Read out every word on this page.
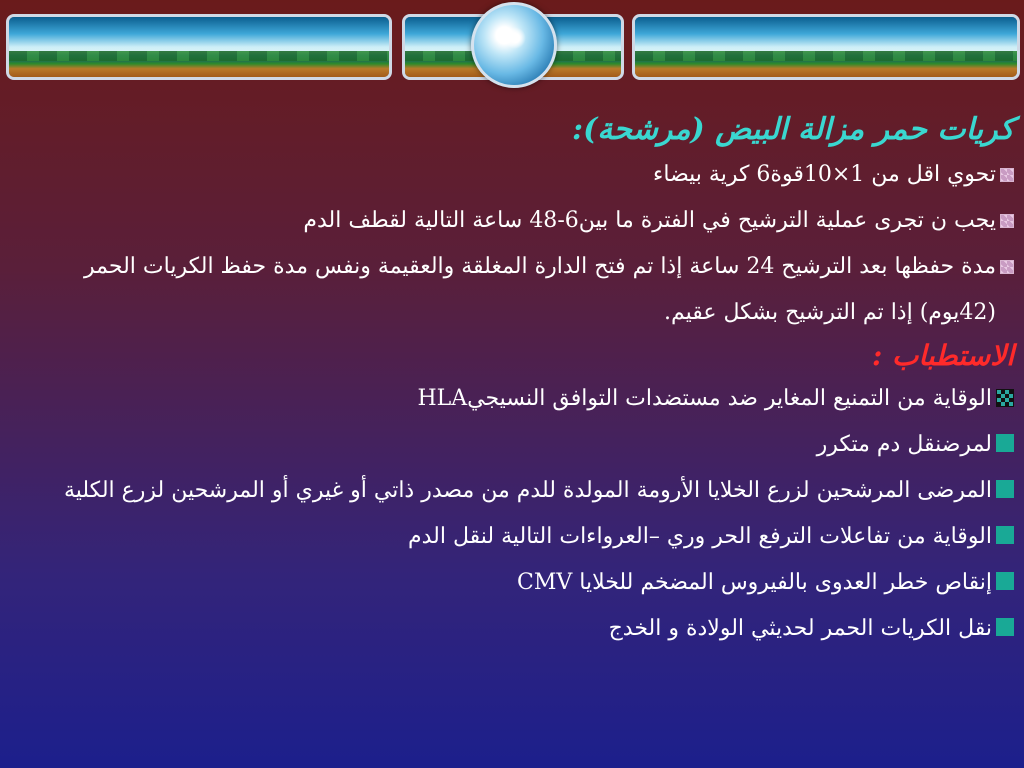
كريات حمر مزالة البيض (مرشحة):
تحوي اقل من 1×10قوة6 كرية بيضاء
يجب ن تجرى عملية الترشيح في الفترة ما بين6-48 ساعة التالية لقطف الدم
مدة حفظها بعد الترشيح 24 ساعة إذا تم فتح الدارة المغلقة والعقيمة ونفس مدة حفظ الكريات الحمر (42يوم) إذا تم الترشيح بشكل عقيم.
الاستطباب :
الوقاية من التمنيع المغاير ضد مستضدات التوافق النسيجيHLA
لمرضنقل دم متكرر
المرضى المرشحين لزرع الخلايا الأرومة المولدة للدم من مصدر ذاتي أو غيري أو المرشحين لزرع الكلية
الوقاية من تفاعلات الترفع الحر وري –العرواءات التالية لنقل الدم
إنقاص خطر العدوى بالفيروس المضخم للخلايا CMV
نقل الكريات الحمر لحديثي الولادة و الخدج
